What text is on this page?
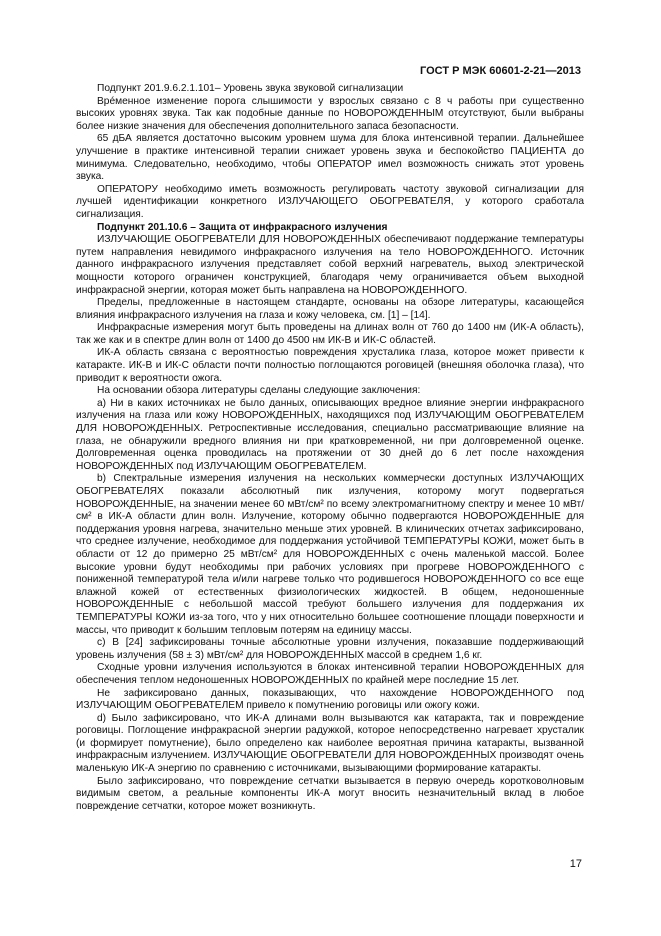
ГОСТ Р МЭК 60601-2-21—2013

Подпункт 201.9.6.2.1.101– Уровень звука звуковой сигнализации

Врéменное изменение порога слышимости у взрослых связано с 8 ч работы при существенно высоких уровнях звука. Так как подобные данные по НОВОРОЖДЕННЫМ отсутствуют, были выбраны более низкие значения для обеспечения дополнительного запаса безопасности.

65 дБА является достаточно высоким уровнем шума для блока интенсивной терапии. Дальнейшее улучшение в практике интенсивной терапии снижает уровень звука и беспокойство ПАЦИЕНТА до минимума. Следовательно, необходимо, чтобы ОПЕРАТОР имел возможность снижать этот уровень звука.

ОПЕРАТОРУ необходимо иметь возможность регулировать частоту звуковой сигнализации для лучшей идентификации конкретного ИЗЛУЧАЮЩЕГО ОБОГРЕВАТЕЛЯ, у которого сработала сигнализация.

Подпункт 201.10.6 – Защита от инфракрасного излучения

ИЗЛУЧАЮЩИЕ ОБОГРЕВАТЕЛИ ДЛЯ НОВОРОЖДЕННЫХ обеспечивают поддержание температуры путем направления невидимого инфракрасного излучения на тело НОВОРОЖДЕННОГО. Источник данного инфракрасного излучения представляет собой верхний нагреватель, выход электрической мощности которого ограничен конструкцией, благодаря чему ограничивается объем выходной инфракрасной энергии, которая может быть направлена на НОВОРОЖДЕННОГО.

Пределы, предложенные в настоящем стандарте, основаны на обзоре литературы, касающейся влияния инфракрасного излучения на глаза и кожу человека, см. [1] – [14].

Инфракрасные измерения могут быть проведены на длинах волн от 760 до 1400 нм (ИК-А область), так же как и в спектре длин волн от 1400 до 4500 нм ИК-В и ИК-С областей.

ИК-А область связана с вероятностью повреждения хрусталика глаза, которое может привести к катаракте. ИК-В и ИК-С области почти полностью поглощаются роговицей (внешняя оболочка глаза), что приводит к вероятности ожога.

На основании обзора литературы сделаны следующие заключения:

а) Ни в каких источниках не было данных, описывающих вредное влияние энергии инфракрасного излучения на глаза или кожу НОВОРОЖДЕННЫХ, находящихся под ИЗЛУЧАЮЩИМ ОБОГРЕВАТЕЛЕМ ДЛЯ НОВОРОЖДЕННЫХ. Ретроспективные исследования, специально рассматривающие влияние на глаза, не обнаружили вредного влияния ни при кратковременной, ни при долговременной оценке. Долговременная оценка проводилась на протяжении от 30 дней до 6 лет после нахождения НОВОРОЖДЕННЫХ под ИЗЛУЧАЮЩИМ ОБОГРЕВАТЕЛЕМ.

b) Спектральные измерения излучения на нескольких коммерчески доступных ИЗЛУЧАЮЩИХ ОБОГРЕВАТЕЛЯХ показали абсолютный пик излучения, которому могут подвергаться НОВОРОЖДЕННЫЕ, на значении менее 60 мВт/см² по всему электромагнитному спектру и менее 10 мВт/см² в ИК-А области длин волн. Излучение, которому обычно подвергаются НОВОРОЖДЕННЫЕ для поддержания уровня нагрева, значительно меньше этих уровней. В клинических отчетах зафиксировано, что среднее излучение, необходимое для поддержания устойчивой ТЕМПЕРАТУРЫ КОЖИ, может быть в области от 12 до примерно 25 мВт/см² для НОВОРОЖДЕННЫХ с очень маленькой массой. Более высокие уровни будут необходимы при рабочих условиях при прогреве НОВОРОЖДЕННОГО с пониженной температурой тела и/или нагреве только что родившегося НОВОРОЖДЕННОГО со все еще влажной кожей от естественных физиологических жидкостей. В общем, недоношенные НОВОРОЖДЕННЫЕ с небольшой массой требуют большего излучения для поддержания их ТЕМПЕРАТУРЫ КОЖИ из-за того, что у них относительно большее соотношение площади поверхности и массы, что приводит к большим тепловым потерям на единицу массы.

с) В [24] зафиксированы точные абсолютные уровни излучения, показавшие поддерживающий уровень излучения (58 ± 3) мВт/см² для НОВОРОЖДЕННЫХ массой в среднем 1,6 кг.

Сходные уровни излучения используются в блоках интенсивной терапии НОВОРОЖДЕННЫХ для обеспечения теплом недоношенных НОВОРОЖДЕННЫХ по крайней мере последние 15 лет.

Не зафиксировано данных, показывающих, что нахождение НОВОРОЖДЕННОГО под ИЗЛУЧАЮЩИМ ОБОГРЕВАТЕЛЕМ привело к помутнению роговицы или ожогу кожи.

d) Было зафиксировано, что ИК-А длинами волн вызываются как катаракта, так и повреждение роговицы. Поглощение инфракрасной энергии радужкой, которое непосредственно нагревает хрусталик (и формирует помутнение), было определено как наиболее вероятная причина катаракты, вызванной инфракрасным излучением. ИЗЛУЧАЮЩИЕ ОБОГРЕВАТЕЛИ ДЛЯ НОВОРОЖДЕННЫХ производят очень маленькую ИК-А энергию по сравнению с источниками, вызывающими формирование катаракты.

Было зафиксировано, что повреждение сетчатки вызывается в первую очередь коротковолновым видимым светом, а реальные компоненты ИК-А могут вносить незначительный вклад в любое повреждение сетчатки, которое может возникнуть.

17
